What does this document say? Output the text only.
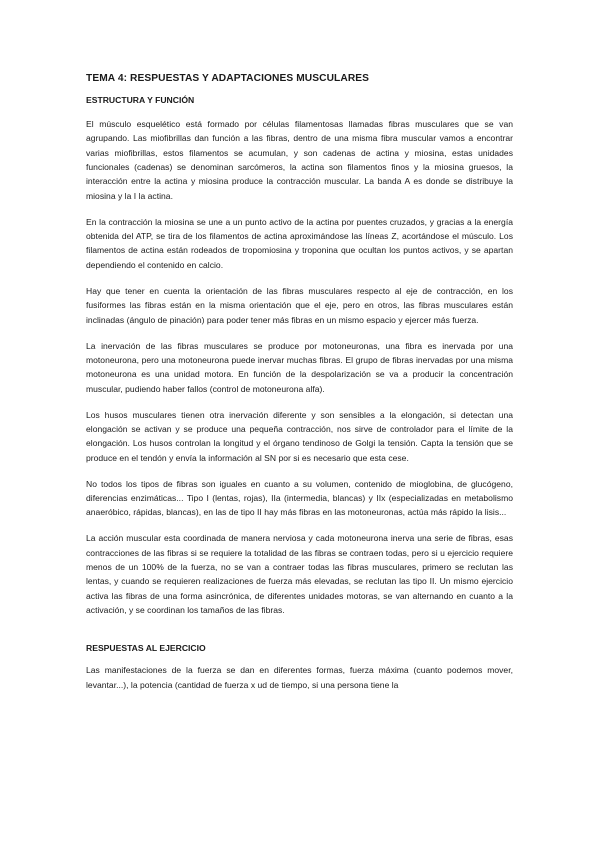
TEMA 4: RESPUESTAS Y ADAPTACIONES MUSCULARES
ESTRUCTURA Y FUNCIÓN

El músculo esquelético está formado por células filamentosas llamadas fibras musculares que se van agrupando. Las miofibrillas dan función a las fibras, dentro de una misma fibra muscular vamos a encontrar varias miofibrillas, estos filamentos se acumulan, y son cadenas de actina y miosina, estas unidades funcionales (cadenas) se denominan sarcómeros, la actina son filamentos finos y la miosina gruesos, la interacción entre la actina y miosina produce la contracción muscular. La banda A es donde se distribuye la miosina y la I la actina.

En la contracción la miosina se une a un punto activo de la actina por puentes cruzados, y gracias a la energía obtenida del ATP, se tira de los filamentos de actina aproximándose las líneas Z, acortándose el músculo. Los filamentos de actina están rodeados de tropomiosina y troponina que ocultan los puntos activos, y se apartan dependiendo el contenido en calcio.

Hay que tener en cuenta la orientación de las fibras musculares respecto al eje de contracción, en los fusiformes las fibras están en la misma orientación que el eje, pero en otros, las fibras musculares están inclinadas (ángulo de pinación) para poder tener más fibras en un mismo espacio y ejercer más fuerza.

La inervación de las fibras musculares se produce por motoneuronas, una fibra es inervada por una motoneurona, pero una motoneurona puede inervar muchas fibras. El grupo de fibras inervadas por una misma motoneurona es una unidad motora. En función de la despolarización se va a producir la concentración muscular, pudiendo haber fallos (control de motoneurona alfa).

Los husos musculares tienen otra inervación diferente y son sensibles a la elongación, si detectan una elongación se activan y se produce una pequeña contracción, nos sirve de controlador para el límite de la elongación. Los husos controlan la longitud y el órgano tendinoso de Golgi la tensión. Capta la tensión que se produce en el tendón y envía la información al SN por si es necesario que esta cese.

No todos los tipos de fibras son iguales en cuanto a su volumen, contenido de mioglobina, de glucógeno, diferencias enzimáticas... Tipo I (lentas, rojas), IIa (intermedia, blancas) y IIx (especializadas en metabolismo anaeróbico, rápidas, blancas), en las de tipo II hay más fibras en las motoneuronas, actúa más rápido la lisis...

La acción muscular esta coordinada de manera nerviosa y cada motoneurona inerva una serie de fibras, esas contracciones de las fibras si se requiere la totalidad de las fibras se contraen todas, pero si u ejercicio requiere menos de un 100% de la fuerza, no se van a contraer todas las fibras musculares, primero se reclutan las lentas, y cuando se requieren realizaciones de fuerza más elevadas, se reclutan las tipo II. Un mismo ejercicio activa las fibras de una forma asincrónica, de diferentes unidades motoras, se van alternando en cuanto a la activación, y se coordinan los tamaños de las fibras.

RESPUESTAS AL EJERCICIO

Las manifestaciones de la fuerza se dan en diferentes formas, fuerza máxima (cuanto podemos mover, levantar...), la potencia (cantidad de fuerza x ud de tiempo, si una persona tiene la
